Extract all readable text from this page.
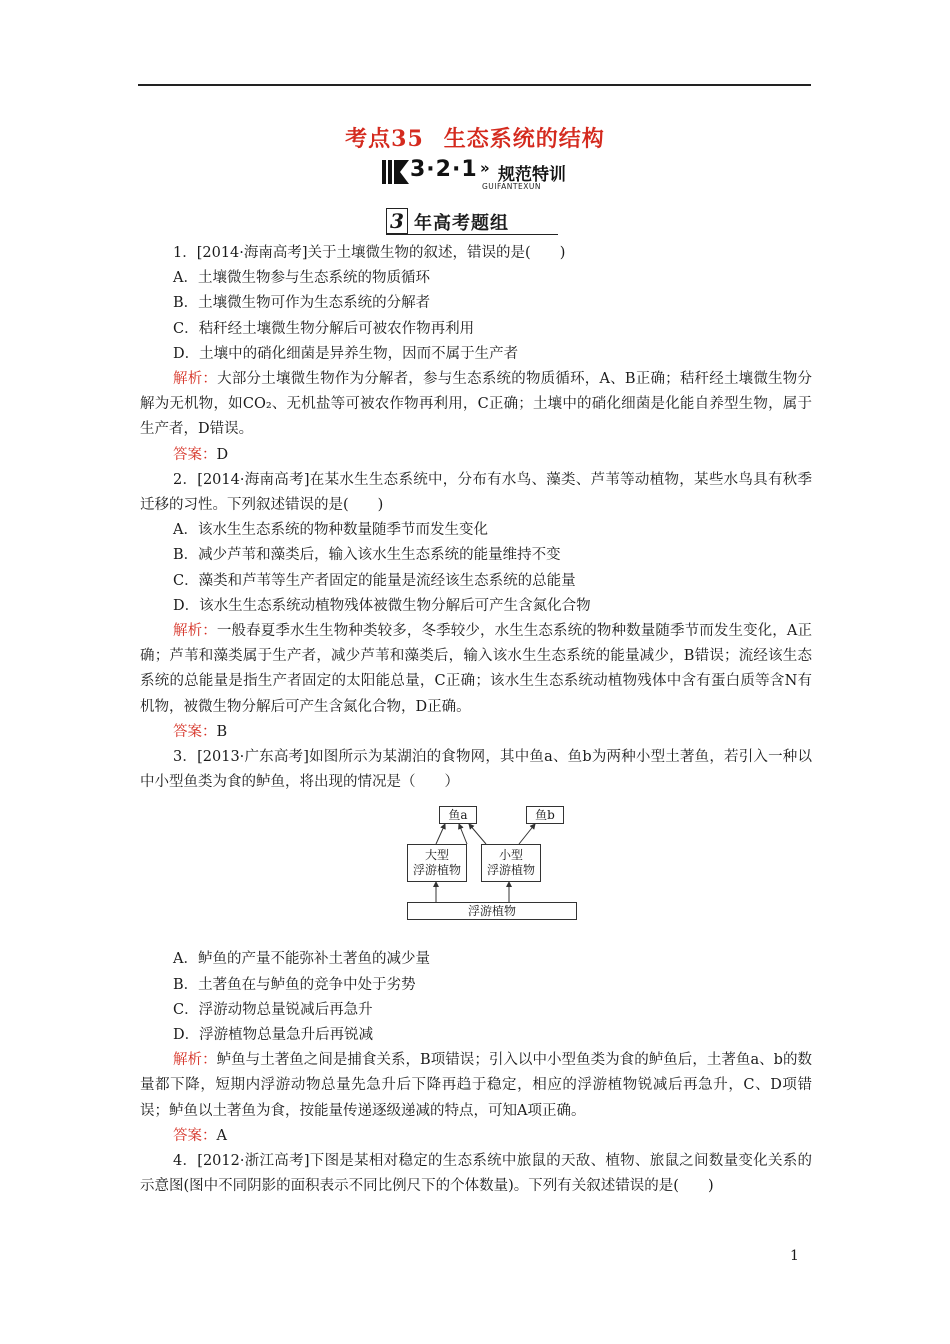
考点35 生态系统的结构
3·2·1 » 规范特训
GUIFANTEXUN
3 年高考题组

1．[2014·海南高考]关于土壤微生物的叙述，错误的是(　　)

A．土壤微生物参与生态系统的物质循环

B．土壤微生物可作为生态系统的分解者

C．秸秆经土壤微生物分解后可被农作物再利用

D．土壤中的硝化细菌是异养生物，因而不属于生产者

解析：大部分土壤微生物作为分解者，参与生态系统的物质循环，A、B正确；秸秆经土壤微生物分解为无机物，如CO₂、无机盐等可被农作物再利用，C正确；土壤中的硝化细菌是化能自养型生物，属于生产者，D错误。

答案：D

2．[2014·海南高考]在某水生生态系统中，分布有水鸟、藻类、芦苇等动植物，某些水鸟具有秋季迁移的习性。下列叙述错误的是(　　)

A．该水生生态系统的物种数量随季节而发生变化

B．减少芦苇和藻类后，输入该水生生态系统的能量维持不变

C．藻类和芦苇等生产者固定的能量是流经该生态系统的总能量

D．该水生生态系统动植物残体被微生物分解后可产生含氮化合物

解析：一般春夏季水生生物种类较多，冬季较少，水生生态系统的物种数量随季节而发生变化，A正确；芦苇和藻类属于生产者，减少芦苇和藻类后，输入该水生生态系统的能量减少，B错误；流经该生态系统的总能量是指生产者固定的太阳能总量，C正确；该水生生态系统动植物残体中含有蛋白质等含N有机物，被微生物分解后可产生含氮化合物，D正确。

答案：B

3．[2013·广东高考]如图所示为某湖泊的食物网，其中鱼a、鱼b为两种小型土著鱼，若引入一种以中小型鱼类为食的鲈鱼，将出现的情况是（　　）

A．鲈鱼的产量不能弥补土著鱼的减少量

B．土著鱼在与鲈鱼的竞争中处于劣势

C．浮游动物总量锐减后再急升

D．浮游植物总量急升后再锐减

解析：鲈鱼与土著鱼之间是捕食关系，B项错误；引入以中小型鱼类为食的鲈鱼后，土著鱼a、b的数量都下降，短期内浮游动物总量先急升后下降再趋于稳定，相应的浮游植物锐减后再急升，C、D项错误；鲈鱼以土著鱼为食，按能量传递逐级递减的特点，可知A项正确。

答案：A

4．[2012·浙江高考]下图是某相对稳定的生态系统中旅鼠的天敌、植物、旅鼠之间数量变化关系的示意图(图中不同阴影的面积表示不同比例尺下的个体数量)。下列有关叙述错误的是(　　)

鱼a	鱼b
大型
浮游植物
小型
浮游植物
浮游植物
1
